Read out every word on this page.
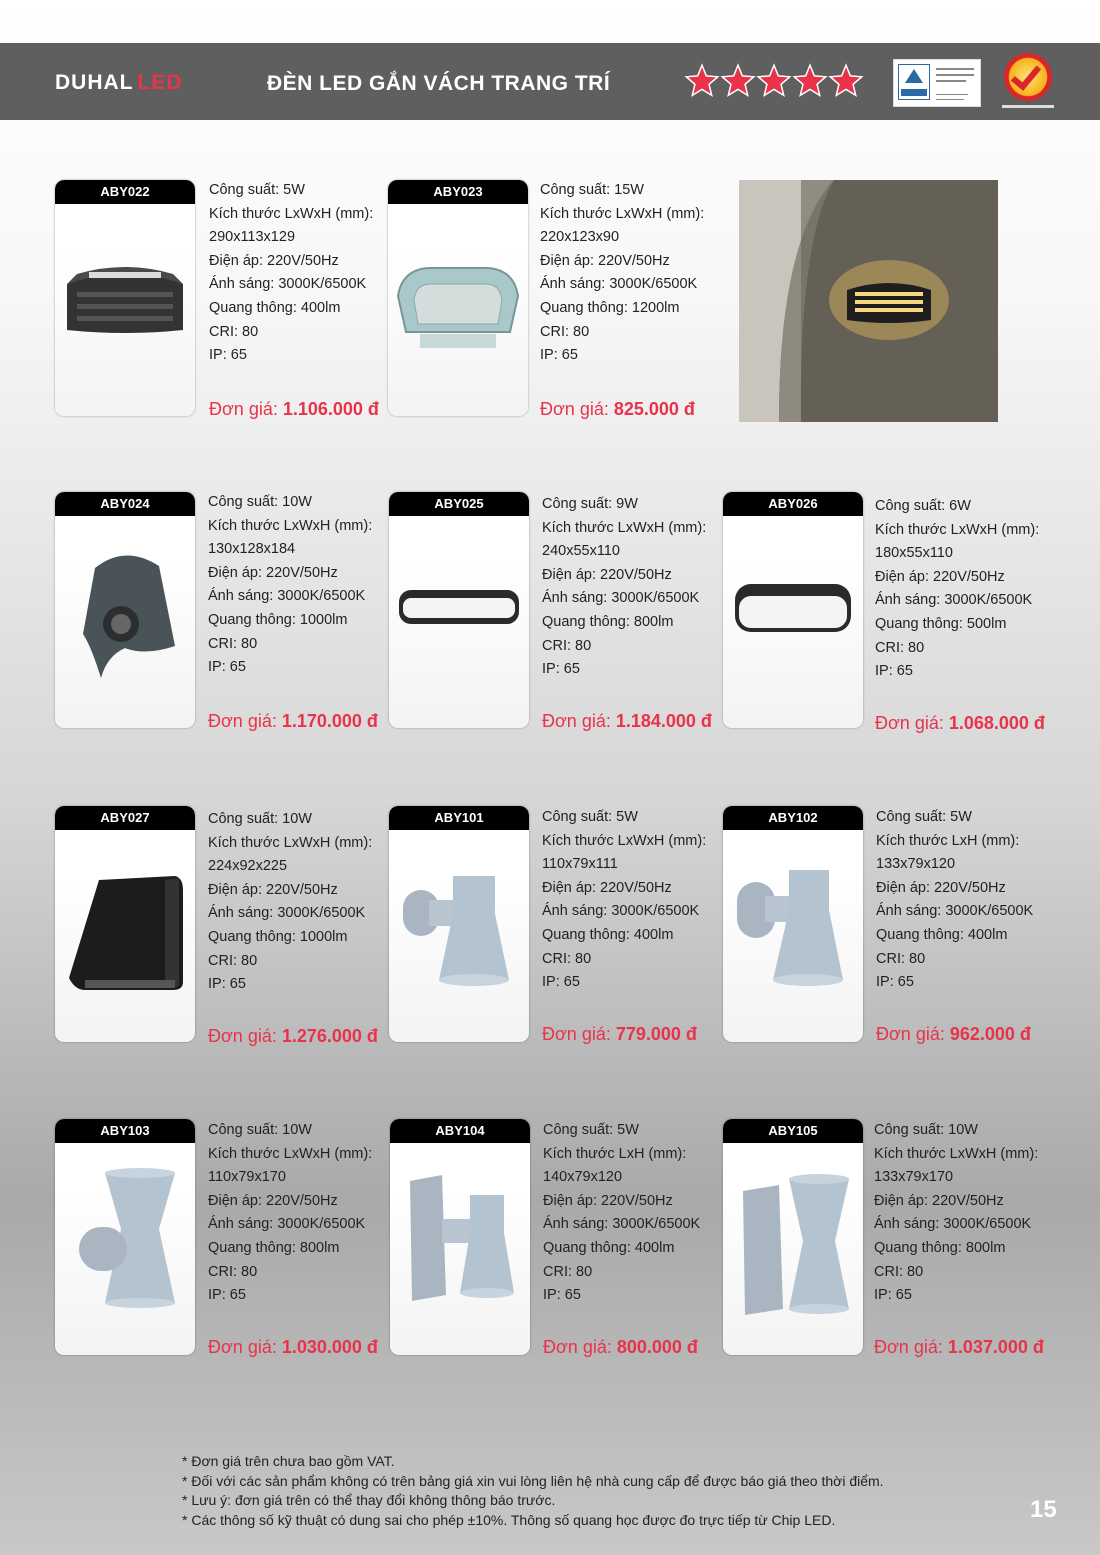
DUHAL LED	ĐÈN LED GẮN VÁCH TRANG TRÍ
ABY022	Công suất: 5W
Kích thước LxWxH (mm):
290x113x129
Điện áp: 220V/50Hz
Ánh sáng: 3000K/6500K
Quang thông: 400lm
CRI: 80
IP: 65
Đơn giá: 1.106.000 đ
ABY023	Công suất: 15W
Kích thước LxWxH (mm):
220x123x90
Điện áp: 220V/50Hz
Ánh sáng: 3000K/6500K
Quang thông: 1200lm
CRI: 80
IP: 65
Đơn giá: 825.000 đ
ABY024	Công suất: 10W
Kích thước LxWxH (mm):
130x128x184
Điện áp: 220V/50Hz
Ánh sáng: 3000K/6500K
Quang thông: 1000lm
CRI: 80
IP: 65
Đơn giá: 1.170.000 đ
ABY025	Công suất: 9W
Kích thước LxWxH (mm):
240x55x110
Điện áp: 220V/50Hz
Ánh sáng: 3000K/6500K
Quang thông: 800lm
CRI: 80
IP: 65
Đơn giá: 1.184.000 đ
ABY026	Công suất: 6W
Kích thước LxWxH (mm):
180x55x110
Điện áp: 220V/50Hz
Ánh sáng: 3000K/6500K
Quang thông: 500lm
CRI: 80
IP: 65
Đơn giá: 1.068.000 đ
ABY027	Công suất: 10W
Kích thước LxWxH (mm):
224x92x225
Điện áp: 220V/50Hz
Ánh sáng: 3000K/6500K
Quang thông: 1000lm
CRI: 80
IP: 65
Đơn giá: 1.276.000 đ
ABY101	Công suất: 5W
Kích thước LxWxH (mm):
110x79x111
Điện áp: 220V/50Hz
Ánh sáng: 3000K/6500K
Quang thông: 400lm
CRI: 80
IP: 65
Đơn giá: 779.000 đ
ABY102	Công suất: 5W
Kích thước LxH (mm):
133x79x120
Điện áp: 220V/50Hz
Ánh sáng: 3000K/6500K
Quang thông: 400lm
CRI: 80
IP: 65
Đơn giá: 962.000 đ
ABY103	Công suất: 10W
Kích thước LxWxH (mm):
110x79x170
Điện áp: 220V/50Hz
Ánh sáng: 3000K/6500K
Quang thông: 800lm
CRI: 80
IP: 65
Đơn giá: 1.030.000 đ
ABY104	Công suất: 5W
Kích thước LxH (mm):
140x79x120
Điện áp: 220V/50Hz
Ánh sáng: 3000K/6500K
Quang thông: 400lm
CRI: 80
IP: 65
Đơn giá: 800.000 đ
ABY105	Công suất: 10W
Kích thước LxWxH (mm):
133x79x170
Điện áp: 220V/50Hz
Ánh sáng: 3000K/6500K
Quang thông: 800lm
CRI: 80
IP: 65
Đơn giá: 1.037.000 đ
* Đơn giá trên chưa bao gồm VAT.
* Đối với các sản phẩm không có trên bảng giá xin vui lòng liên hệ nhà cung cấp để được báo giá theo thời điểm.
* Lưu ý: đơn giá trên có thể thay đổi không thông báo trước.
* Các thông số kỹ thuật có dung sai cho phép ±10%. Thông số quang học được đo trực tiếp từ Chip LED.	15
